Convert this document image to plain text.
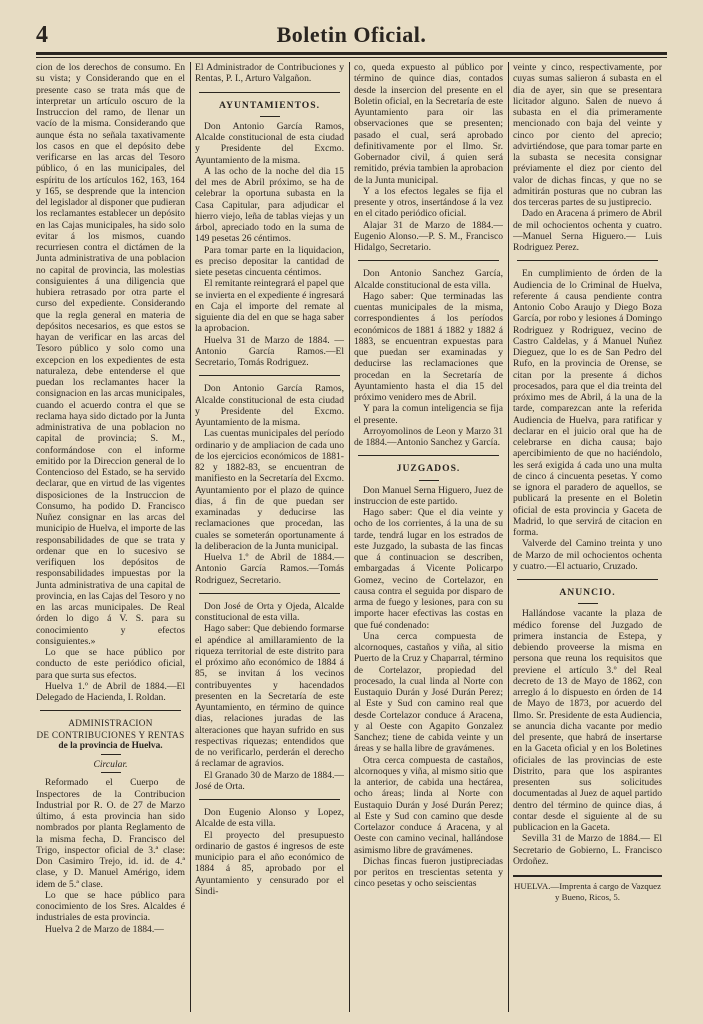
4	Boletin Oficial.

cion de los derechos de consumo. En su vista; y Considerando que en el presente caso se trata más que de interpretar un artículo oscuro de la Instruccion del ramo, de llenar un vacío de la misma. Considerando que aunque ésta no señala taxativamente los casos en que el depósito debe verificarse en las arcas del Tesoro público, ó en las municipales, del espíritu de los artículos 162, 163, 164 y 165, se desprende que la intencion del legislador al disponer que pudieran los reclamantes establecer un depósito en las Cajas municipales, ha sido solo evitar á los mismos, cuando recurriesen contra el dictámen de la Junta administrativa de una poblacion no capital de provincia, las molestias consiguientes á una diligencia que hubiera retrasado por otra parte el curso del expediente. Considerando que la regla general en materia de depósitos necesarios, es que estos se hayan de verificar en las arcas del Tesoro público y solo como una excepcion en los expedientes de esta naturaleza, debe entenderse el que puedan los reclamantes hacer la consignacion en las arcas municipales, cuando el acuerdo contra el que se reclama haya sido dictado por la Junta administrativa de una poblacion no capital de provincia; S. M., conformándose con el informe emitido por la Direccion general de lo Contencioso del Estado, se ha servido declarar, que en virtud de las vigentes disposiciones de la Instruccion de Consumo, ha podido D. Francisco Nuñez consignar en las arcas del municipio de Huelva, el importe de las responsabilidades de que se trata y ordenar que en lo sucesivo se verifiquen los depósitos de responsabilidades impuestas por la Junta administrativa de una capital de provincia, en las Cajas del Tesoro y no en las arcas municipales. De Real órden lo digo á V. S. para su conocimiento y efectos consiguientes.»

Lo que se hace público por conducto de este periódico oficial, para que surta sus efectos.

Huelva 1.º de Abril de 1884.—El Delegado de Hacienda, I. Roldan.

ADMINISTRACION
DE CONTRIBUCIONES Y RENTAS
de la provincia de Huelva.
Circular.

Reformado el Cuerpo de Inspectores de la Contribucion Industrial por R. O. de 27 de Marzo último, á esta provincia han sido nombrados por planta Reglamento de la misma fecha, D. Francisco del Trigo, inspector oficial de 3.ª clase: Don Casimiro Trejo, id. id. de 4.ª clase, y D. Manuel Amérigo, idem idem de 5.ª clase.

Lo que se hace público para conocimiento de los Sres. Alcaldes é industriales de esta provincia.

Huelva 2 de Marzo de 1884.—

El Administrador de Contribuciones y Rentas, P. I., Arturo Valgañon.

AYUNTAMIENTOS.

Don Antonio García Ramos, Alcalde constitucional de esta ciudad y Presidente del Excmo. Ayuntamiento de la misma.

A las ocho de la noche del dia 15 del mes de Abril próximo, se ha de celebrar la oportuna subasta en la Casa Capitular, para adjudicar el hierro viejo, leña de tablas viejas y un árbol, apreciado todo en la suma de 149 pesetas 26 céntimos.

Para tomar parte en la liquidacion, es preciso depositar la cantidad de siete pesetas cincuenta céntimos.

El remitante reintegrará el papel que se invierta en el expediente é ingresará en Caja el importe del remate al siguiente dia del en que se haga saber la aprobacion.

Huelva 31 de Marzo de 1884. —Antonio García Ramos.—El Secretario, Tomás Rodriguez.

Don Antonio García Ramos, Alcalde constitucional de esta ciudad y Presidente del Excmo. Ayuntamiento de la misma.

Las cuentas municipales del período ordinario y de ampliacion de cada uno de los ejercicios económicos de 1881-82 y 1882-83, se encuentran de manifiesto en la Secretaría del Excmo. Ayuntamiento por el plazo de quince dias, á fin de que puedan ser examinadas y deducirse las reclamaciones que procedan, las cuales se someterán oportunamente á la deliberacion de la Junta municipal.

Huelva 1.º de Abril de 1884.— Antonio García Ramos.—Tomás Rodriguez, Secretario.

Don José de Orta y Ojeda, Alcalde constitucional de esta villa.

Hago saber: Que debiendo formarse el apéndice al amillaramiento de la riqueza territorial de este distrito para el próximo año económico de 1884 á 85, se invitan á los vecinos contribuyentes y hacendados presenten en la Secretaría de este Ayuntamiento, en término de quince dias, relaciones juradas de las alteraciones que hayan sufrido en sus respectivas riquezas; entendidos que de no verificarlo, perderán el derecho á reclamar de agravios.

El Granado 30 de Marzo de 1884.—José de Orta.

Don Eugenio Alonso y Lopez, Alcalde de esta villa.

El proyecto del presupuesto ordinario de gastos é ingresos de este municipio para el año económico de 1884 á 85, aprobado por el Ayuntamiento y censurado por el Sindi-

co, queda expuesto al público por término de quince dias, contados desde la insercion del presente en el Boletin oficial, en la Secretaría de este Ayuntamiento para oir las observaciones que se presenten; pasado el cual, será aprobado definitivamente por el Ilmo. Sr. Gobernador civil, á quien será remitido, prévia tambien la aprobacion de la Junta municipal.

Y a los efectos legales se fija el presente y otros, insertándose á la vez en el citado periódico oficial.

Alajar 31 de Marzo de 1884.— Eugenio Alonso.—P. S. M., Francisco Hidalgo, Secretario.

Don Antonio Sanchez García, Alcalde constitucional de esta villa.

Hago saber: Que terminadas las cuentas municipales de la misma, correspondientes á los períodos económicos de 1881 á 1882 y 1882 á 1883, se encuentran expuestas para que puedan ser examinadas y deducirse las reclamaciones que procedan en la Secretaría de Ayuntamiento hasta el dia 15 del próximo venidero mes de Abril.

Y para la comun inteligencia se fija el presente.

Arroyomolinos de Leon y Marzo 31 de 1884.—Antonio Sanchez y García.

JUZGADOS.

Don Manuel Serna Higuero, Juez de instruccion de este partido.

Hago saber: Que el dia veinte y ocho de los corrientes, á la una de su tarde, tendrá lugar en los estrados de este Juzgado, la subasta de las fincas que á continuacion se describen, embargadas á Vicente Policarpo Gomez, vecino de Cortelazor, en causa contra el seguida por disparo de arma de fuego y lesiones, para con su importe hacer efectivas las costas en que fué condenado:

Una cerca compuesta de alcornoques, castaños y viña, al sitio Puerto de la Cruz y Chaparral, término de Cortelazor, propiedad del procesado, la cual linda al Norte con Eustaquio Durán y José Durán Perez; al Este y Sud con camino real que desde Cortelazor conduce á Aracena, y al Oeste con Agapito Gonzalez Sanchez; tiene de cabida veinte y un áreas y se halla libre de gravámenes.

Otra cerca compuesta de castaños, alcornoques y viña, al mismo sitio que la anterior, de cabida una hectárea, ocho áreas; linda al Norte con Eustaquio Durán y José Durán Perez; al Este y Sud con camino que desde Cortelazor conduce á Aracena, y al Oeste con camino vecinal, hallándose asimismo libre de gravámenes.

Dichas fincas fueron justipreciadas por peritos en trescientas setenta y cinco pesetas y ocho seiscientas

veinte y cinco, respectivamente, por cuyas sumas salieron á subasta en el dia de ayer, sin que se presentara licitador alguno. Salen de nuevo á subasta en el dia primeramente mencionado con baja del veinte y cinco por ciento del aprecio; advirtiéndose, que para tomar parte en la subasta se necesita consignar préviamente el diez por ciento del valor de dichas fincas, y que no se admitirán posturas que no cubran las dos terceras partes de su justiprecio.

Dado en Aracena á primero de Abril de mil ochocientos ochenta y cuatro.—Manuel Serna Higuero.— Luis Rodriguez Perez.

En cumplimiento de órden de la Audiencia de lo Criminal de Huelva, referente á causa pendiente contra Antonio Cobo Araujo y Diego Boza García, por robo y lesiones á Domingo Rodriguez y Rodriguez, vecino de Castro Caldelas, y á Manuel Nuñez Dieguez, que lo es de San Pedro del Rufo, en la provincia de Orense, se citan por la presente á dichos procesados, para que el dia treinta del próximo mes de Abril, á la una de la tarde, comparezcan ante la referida Audiencia de Huelva, para ratificar y declarar en el juicio oral que ha de celebrarse en dicha causa; bajo apercibimiento de que no haciéndolo, les será exigida á cada uno una multa de cinco á cincuenta pesetas. Y como se ignora el paradero de aquellos, se publicará la presente en el Boletin oficial de esta provincia y Gaceta de Madrid, lo que servirá de citacion en forma.

Valverde del Camino treinta y uno de Marzo de mil ochocientos ochenta y cuatro.—El actuario, Cruzado.

ANUNCIO.

Hallándose vacante la plaza de médico forense del Juzgado de primera instancia de Estepa, y debiendo proveerse la misma en persona que reuna los requisitos que previene el artículo 3.º del Real decreto de 13 de Mayo de 1862, con arreglo á lo dispuesto en órden de 14 de Mayo de 1873, por acuerdo del Ilmo. Sr. Presidente de esta Audiencia, se anuncia dicha vacante por medio del presente, que habrá de insertarse en la Gaceta oficial y en los Boletines oficiales de las provincias de este Distrito, para que los aspirantes presenten sus solicitudes documentadas al Juez de aquel partido dentro del término de quince dias, á contar desde el siguiente al de su publicacion en la Gaceta.

Sevilla 31 de Marzo de 1884.— El Secretario de Gobierno, L. Francisco Ordoñez.

HUELVA.—Imprenta á cargo de Vazquez y Bueno, Ricos, 5.
